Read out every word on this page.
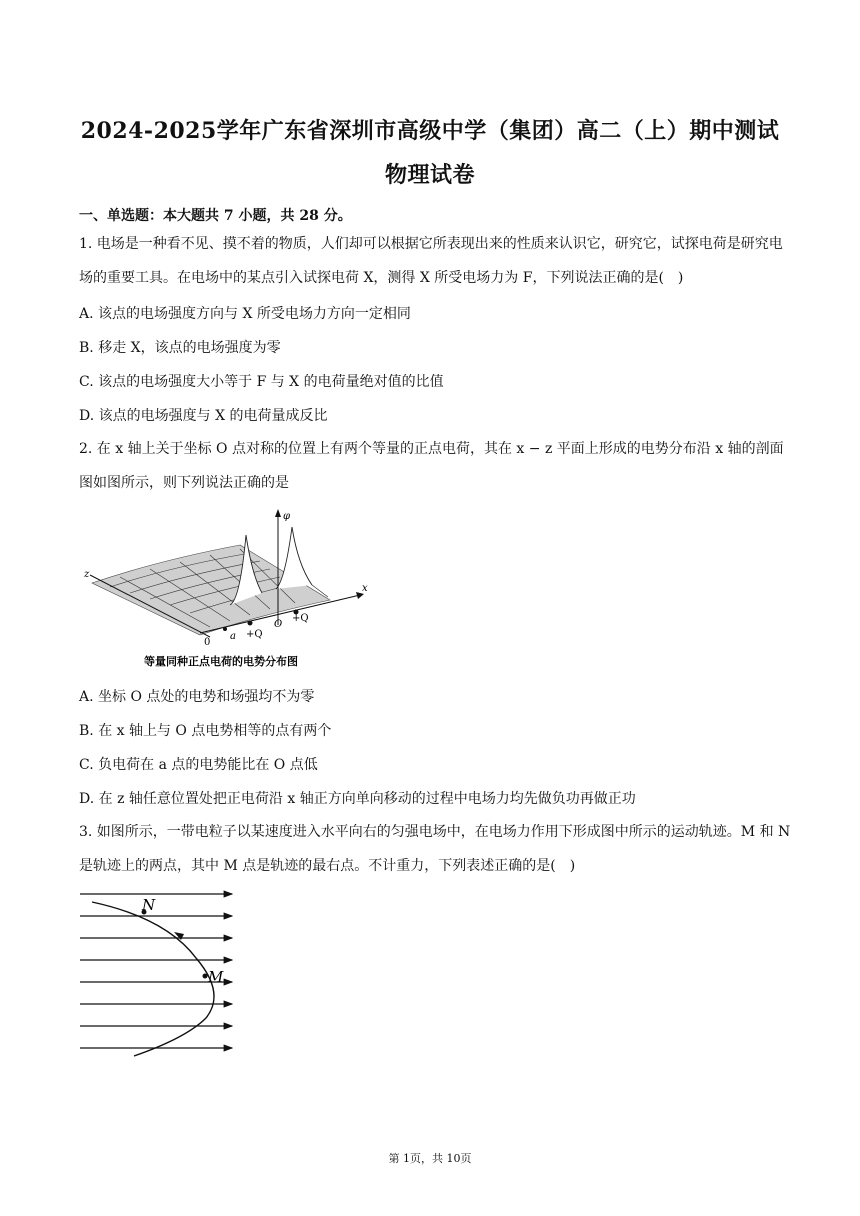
2024-2025学年广东省深圳市高级中学（集团）高二（上）期中测试
物理试卷
一、单选题：本大题共 7 小题，共 28 分。
1. 电场是一种看不见、摸不着的物质，人们却可以根据它所表现出来的性质来认识它，研究它，试探电荷是研究电场的重要工具。在电场中的某点引入试探电荷 X，测得 X 所受电场力为 F，下列说法正确的是(　)
A. 该点的电场强度方向与 X 所受电场力方向一定相同
B. 移走 X，该点的电场强度为零
C. 该点的电场强度大小等于 F 与 X 的电荷量绝对值的比值
D. 该点的电场强度与 X 的电荷量成反比
2. 在 x 轴上关于坐标 O 点对称的位置上有两个等量的正点电荷，其在 x − z 平面上形成的电势分布沿 x 轴的剖面图如图所示，则下列说法正确的是
φ
z
x
0
a +Q
O
+Q
等量同种正点电荷的电势分布图
A. 坐标 O 点处的电势和场强均不为零
B. 在 x 轴上与 O 点电势相等的点有两个
C. 负电荷在 a 点的电势能比在 O 点低
D. 在 z 轴任意位置处把正电荷沿 x 轴正方向单向移动的过程中电场力均先做负功再做正功
3. 如图所示，一带电粒子以某速度进入水平向右的匀强电场中，在电场力作用下形成图中所示的运动轨迹。M 和 N 是轨迹上的两点，其中 M 点是轨迹的最右点。不计重力，下列表述正确的是(　)
N
M
第 1页，共 10页
